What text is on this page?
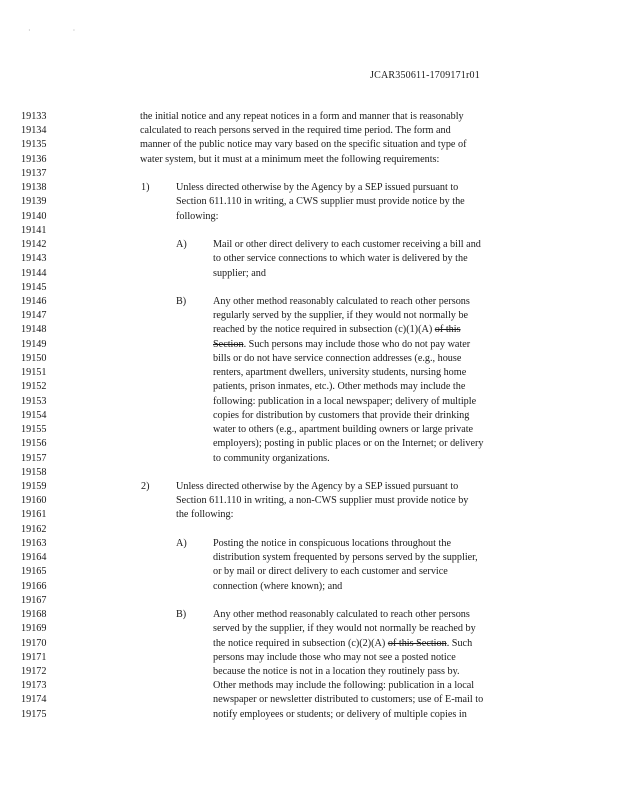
· ·
JCAR350611-1709171r01
19133	the initial notice and any repeat notices in a form and manner that is reasonably
19134	calculated to reach persons served in the required time period. The form and
19135	manner of the public notice may vary based on the specific situation and type of
19136	water system, but it must at a minimum meet the following requirements:
19137
19138	1)	Unless directed otherwise by the Agency by a SEP issued pursuant to
19139	Section 611.110 in writing, a CWS supplier must provide notice by the
19140	following:
19141
19142	A)	Mail or other direct delivery to each customer receiving a bill and
19143	to other service connections to which water is delivered by the
19144	supplier; and
19145
19146	B)	Any other method reasonably calculated to reach other persons
19147	regularly served by the supplier, if they would not normally be
19148	reached by the notice required in subsection (c)(1)(A) of this
19149	Section. Such persons may include those who do not pay water
19150	bills or do not have service connection addresses (e.g., house
19151	renters, apartment dwellers, university students, nursing home
19152	patients, prison inmates, etc.). Other methods may include the
19153	following: publication in a local newspaper; delivery of multiple
19154	copies for distribution by customers that provide their drinking
19155	water to others (e.g., apartment building owners or large private
19156	employers); posting in public places or on the Internet; or delivery
19157	to community organizations.
19158
19159	2)	Unless directed otherwise by the Agency by a SEP issued pursuant to
19160	Section 611.110 in writing, a non-CWS supplier must provide notice by
19161	the following:
19162
19163	A)	Posting the notice in conspicuous locations throughout the
19164	distribution system frequented by persons served by the supplier,
19165	or by mail or direct delivery to each customer and service
19166	connection (where known); and
19167
19168	B)	Any other method reasonably calculated to reach other persons
19169	served by the supplier, if they would not normally be reached by
19170	the notice required in subsection (c)(2)(A) of this Section. Such
19171	persons may include those who may not see a posted notice
19172	because the notice is not in a location they routinely pass by.
19173	Other methods may include the following: publication in a local
19174	newspaper or newsletter distributed to customers; use of E-mail to
19175	notify employees or students; or delivery of multiple copies in
